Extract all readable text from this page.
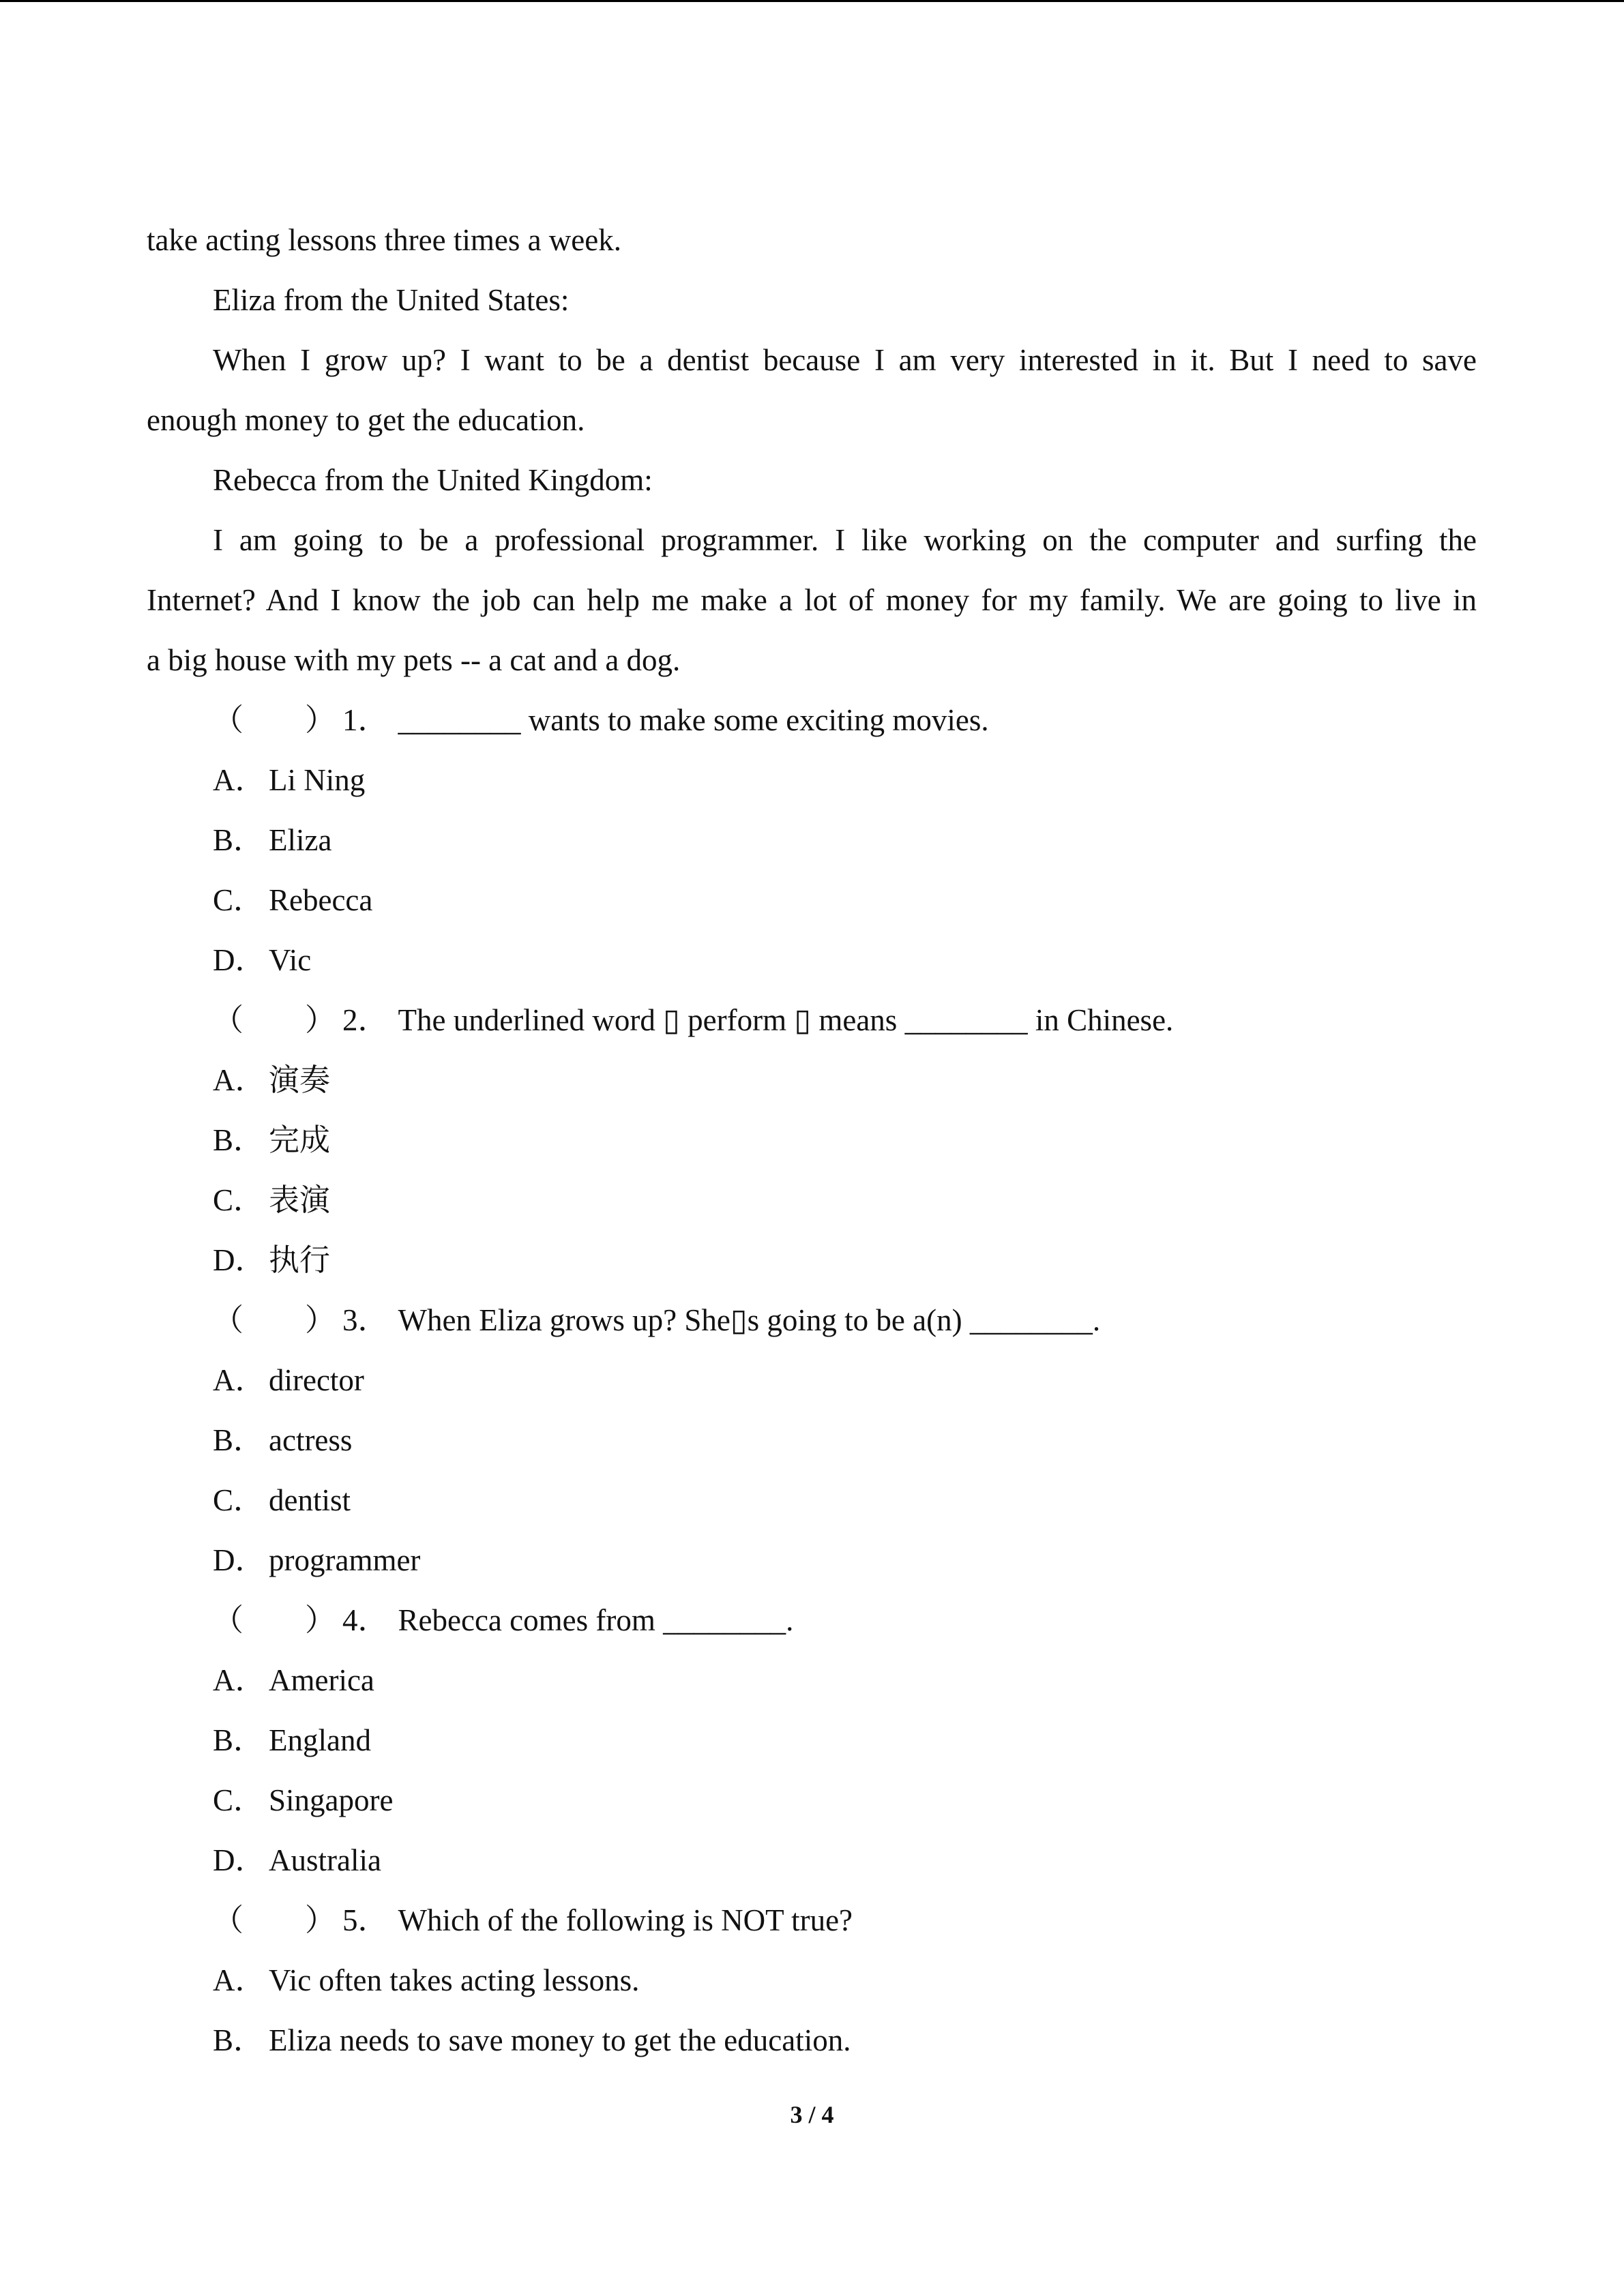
take acting lessons three times a week.
Eliza from the United States:
When I grow up? I want to be a dentist because I am very interested in it. But I need to save
enough money to get the education.
Rebecca from the United Kingdom:
I am going to be a professional programmer. I like working on the computer and surfing the
Internet? And I know the job can help me make a lot of money for my family. We are going to live in
a big house with my pets -- a cat and a dog.
（　　） 1． ________ wants to make some exciting movies.
A． Li Ning
B． Eliza
C． Rebecca
D． Vic
（　　） 2． The underlined word ▯ perform ▯ means ________ in Chinese.
A． 演奏
B． 完成
C． 表演
D． 执行
（　　） 3． When Eliza grows up? She▯s going to be a(n) ________.
A． director
B． actress
C． dentist
D． programmer
（　　） 4． Rebecca comes from ________.
A． America
B． England
C． Singapore
D． Australia
（　　） 5． Which of the following is NOT true?
A． Vic often takes acting lessons.
B． Eliza needs to save money to get the education.
3 / 4
